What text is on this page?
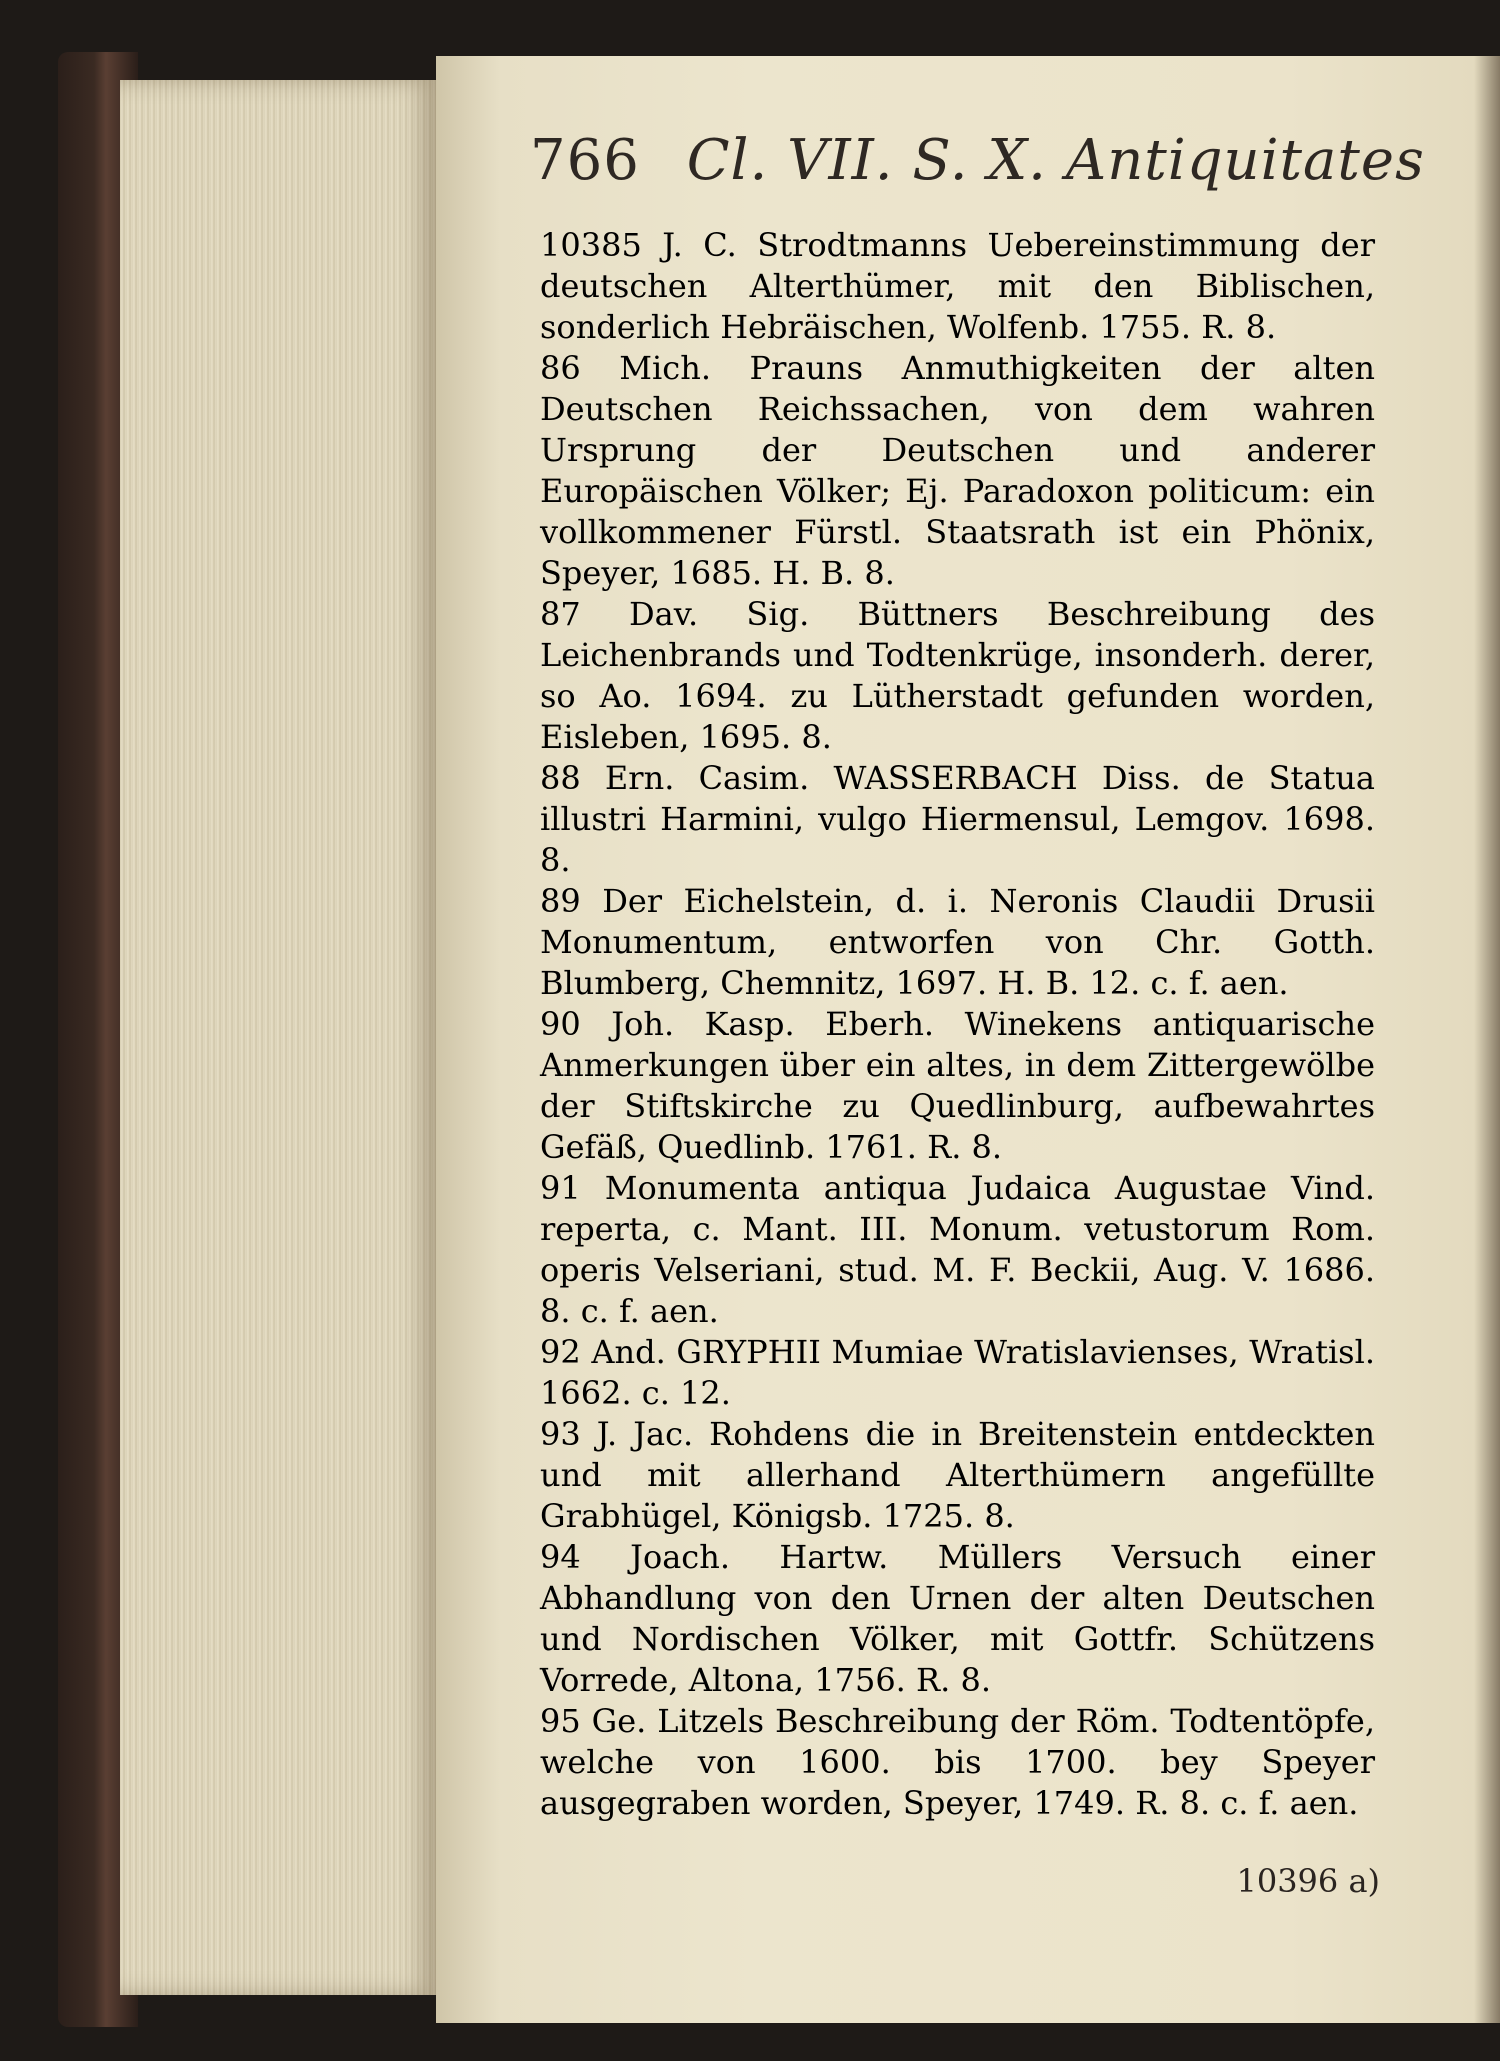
766 Cl. VII. S. X. Antiquitates

10385 J. C. Strodtmanns Uebereinstimmung der deutschen Alterthümer, mit den Biblischen, sonderlich Hebräischen, Wolfenb. 1755. R. 8.

86 Mich. Prauns Anmuthigkeiten der alten Deutschen Reichssachen, von dem wahren Ursprung der Deutschen und anderer Europäischen Völker; Ej. Paradoxon politicum: ein vollkommener Fürstl. Staatsrath ist ein Phönix, Speyer, 1685. H. B. 8.

87 Dav. Sig. Büttners Beschreibung des Leichenbrands und Todtenkrüge, insonderh. derer, so Ao. 1694. zu Lütherstadt gefunden worden, Eisleben, 1695. 8.

88 Ern. Casim. WASSERBACH Diss. de Statua illustri Harmini, vulgo Hiermensul, Lemgov. 1698. 8.

89 Der Eichelstein, d. i. Neronis Claudii Drusii Monumentum, entworfen von Chr. Gotth. Blumberg, Chemnitz, 1697. H. B. 12. c. f. aen.

90 Joh. Kasp. Eberh. Winekens antiquarische Anmerkungen über ein altes, in dem Zittergewölbe der Stiftskirche zu Quedlinburg, aufbewahrtes Gefäß, Quedlinb. 1761. R. 8.

91 Monumenta antiqua Judaica Augustae Vind. reperta, c. Mant. III. Monum. vetustorum Rom. operis Velseriani, stud. M. F. Beckii, Aug. V. 1686. 8. c. f. aen.

92 And. GRYPHII Mumiae Wratislavienses, Wratisl. 1662. c. 12.

93 J. Jac. Rohdens die in Breitenstein entdeckten und mit allerhand Alterthümern angefüllte Grabhügel, Königsb. 1725. 8.

94 Joach. Hartw. Müllers Versuch einer Abhandlung von den Urnen der alten Deutschen und Nordischen Völker, mit Gottfr. Schützens Vorrede, Altona, 1756. R. 8.

95 Ge. Litzels Beschreibung der Röm. Todtentöpfe, welche von 1600. bis 1700. bey Speyer ausgegraben worden, Speyer, 1749. R. 8. c. f. aen.

10396 a)
